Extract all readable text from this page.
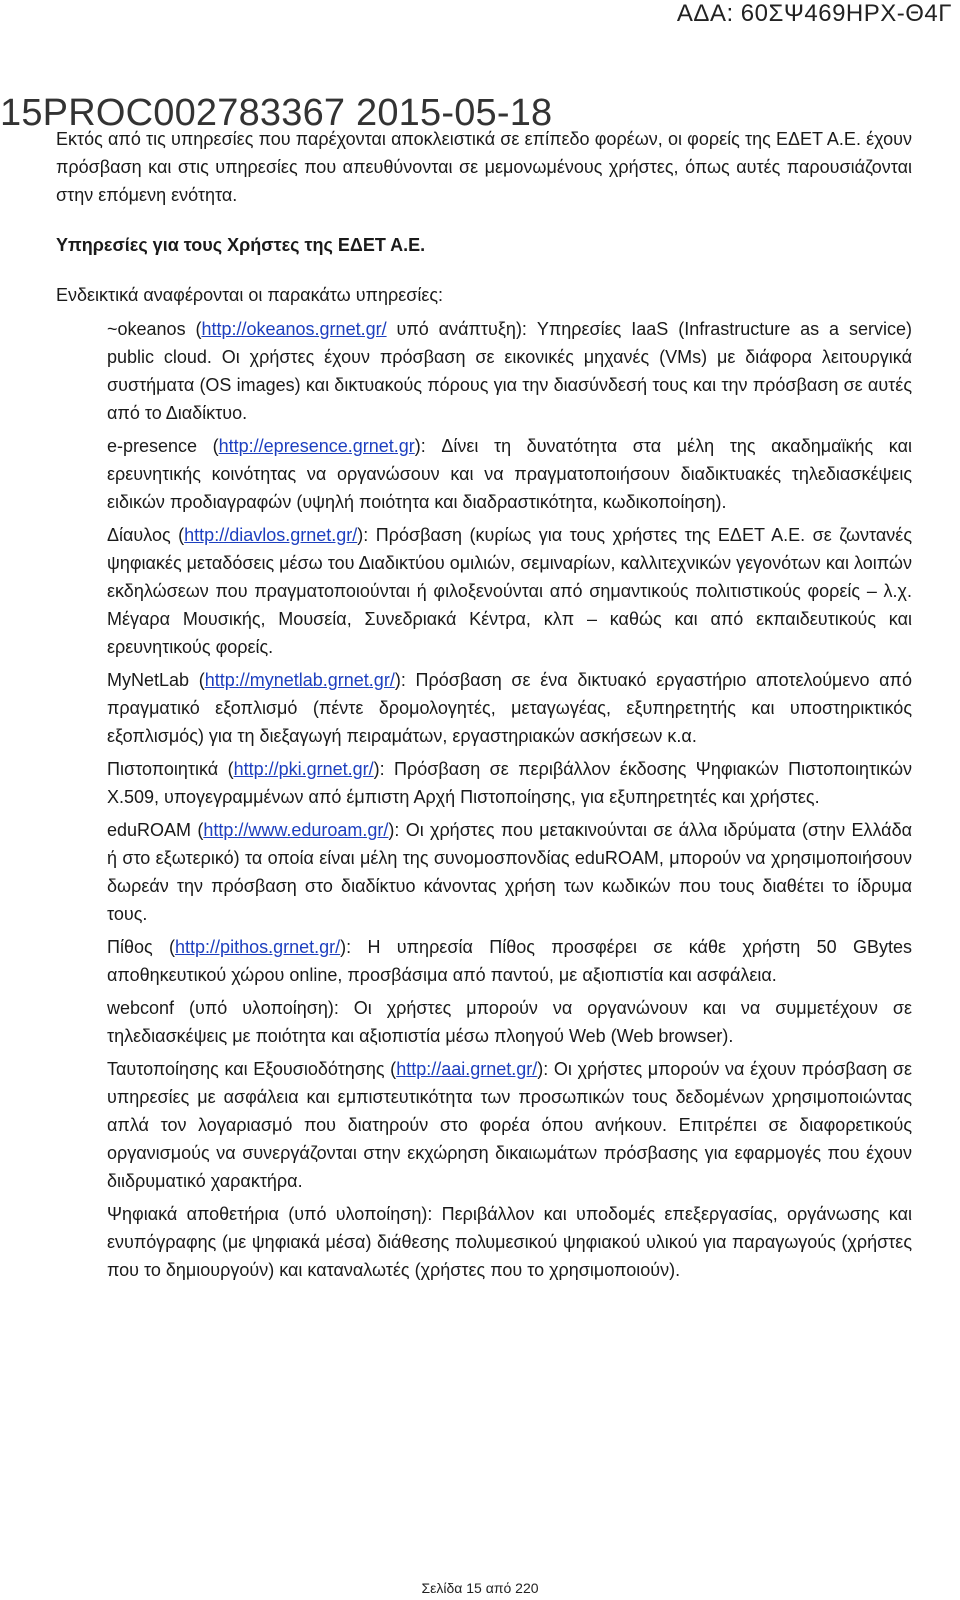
ΑΔΑ: 60ΣΨ469ΗΡΧ-Θ4Γ
15PROC002783367 2015-05-18

Εκτός από τις υπηρεσίες που παρέχονται αποκλειστικά σε επίπεδο φορέων, οι φορείς της ΕΔΕΤ Α.Ε. έχουν πρόσβαση και στις υπηρεσίες που απευθύνονται σε μεμονωμένους χρήστες, όπως αυτές παρουσιάζονται στην επόμενη ενότητα.

Υπηρεσίες για τους Χρήστες της ΕΔΕΤ Α.Ε.

Ενδεικτικά αναφέρονται οι παρακάτω υπηρεσίες:

~okeanos (http://okeanos.grnet.gr/ υπό ανάπτυξη): Υπηρεσίες IaaS (Infrastructure as a service) public cloud. Οι χρήστες έχουν πρόσβαση σε εικονικές μηχανές (VMs) με διάφορα λειτουργικά συστήματα (OS images) και δικτυακούς πόρους για την διασύνδεσή τους και την πρόσβαση σε αυτές από το Διαδίκτυο.

e-presence (http://epresence.grnet.gr): Δίνει τη δυνατότητα στα μέλη της ακαδημαϊκής και ερευνητικής κοινότητας να οργανώσουν και να πραγματοποιήσουν διαδικτυακές τηλεδιασκέψεις ειδικών προδιαγραφών (υψηλή ποιότητα και διαδραστικότητα, κωδικοποίηση).

Δίαυλος (http://diavlos.grnet.gr/): Πρόσβαση (κυρίως για τους χρήστες της ΕΔΕΤ Α.Ε. σε ζωντανές ψηφιακές μεταδόσεις μέσω του Διαδικτύου ομιλιών, σεμιναρίων, καλλιτεχνικών γεγονότων και λοιπών εκδηλώσεων που πραγματοποιούνται ή φιλοξενούνται από σημαντικούς πολιτιστικούς φορείς – λ.χ. Μέγαρα Μουσικής, Μουσεία, Συνεδριακά Κέντρα, κλπ – καθώς και από εκπαιδευτικούς και ερευνητικούς φορείς.

MyNetLab (http://mynetlab.grnet.gr/): Πρόσβαση σε ένα δικτυακό εργαστήριο αποτελούμενο από πραγματικό εξοπλισμό (πέντε δρομολογητές, μεταγωγέας, εξυπηρετητής και υποστηρικτικός εξοπλισμός) για τη διεξαγωγή πειραμάτων, εργαστηριακών ασκήσεων κ.α.

Πιστοποιητικά (http://pki.grnet.gr/): Πρόσβαση σε περιβάλλον έκδοσης Ψηφιακών Πιστοποιητικών X.509, υπογεγραμμένων από έμπιστη Αρχή Πιστοποίησης, για εξυπηρετητές και χρήστες.

eduROAM (http://www.eduroam.gr/): Οι χρήστες που μετακινούνται σε άλλα ιδρύματα (στην Ελλάδα ή στο εξωτερικό) τα οποία είναι μέλη της συνομοσπονδίας eduROAM, μπορούν να χρησιμοποιήσουν δωρεάν την πρόσβαση στο διαδίκτυο κάνοντας χρήση των κωδικών που τους διαθέτει το ίδρυμα τους.

Πίθος (http://pithos.grnet.gr/): Η υπηρεσία Πίθος προσφέρει σε κάθε χρήστη 50 GBytes αποθηκευτικού χώρου online, προσβάσιμα από παντού, με αξιοπιστία και ασφάλεια.

webconf (υπό υλοποίηση): Οι χρήστες μπορούν να οργανώνουν και να συμμετέχουν σε τηλεδιασκέψεις με ποιότητα και αξιοπιστία μέσω πλοηγού Web (Web browser).

Ταυτοποίησης και Εξουσιοδότησης (http://aai.grnet.gr/): Οι χρήστες μπορούν να έχουν πρόσβαση σε υπηρεσίες με ασφάλεια και εμπιστευτικότητα των προσωπικών τους δεδομένων χρησιμοποιώντας απλά τον λογαριασμό που διατηρούν στο φορέα όπου ανήκουν. Επιτρέπει σε διαφορετικούς οργανισμούς να συνεργάζονται στην εκχώρηση δικαιωμάτων πρόσβασης για εφαρμογές που έχουν διιδρυματικό χαρακτήρα.

Ψηφιακά αποθετήρια (υπό υλοποίηση): Περιβάλλον και υποδομές επεξεργασίας, οργάνωσης και ενυπόγραφης (με ψηφιακά μέσα) διάθεσης πολυμεσικού ψηφιακού υλικού για παραγωγούς (χρήστες που το δημιουργούν) και καταναλωτές (χρήστες που το χρησιμοποιούν).

Σελίδα 15 από 220
